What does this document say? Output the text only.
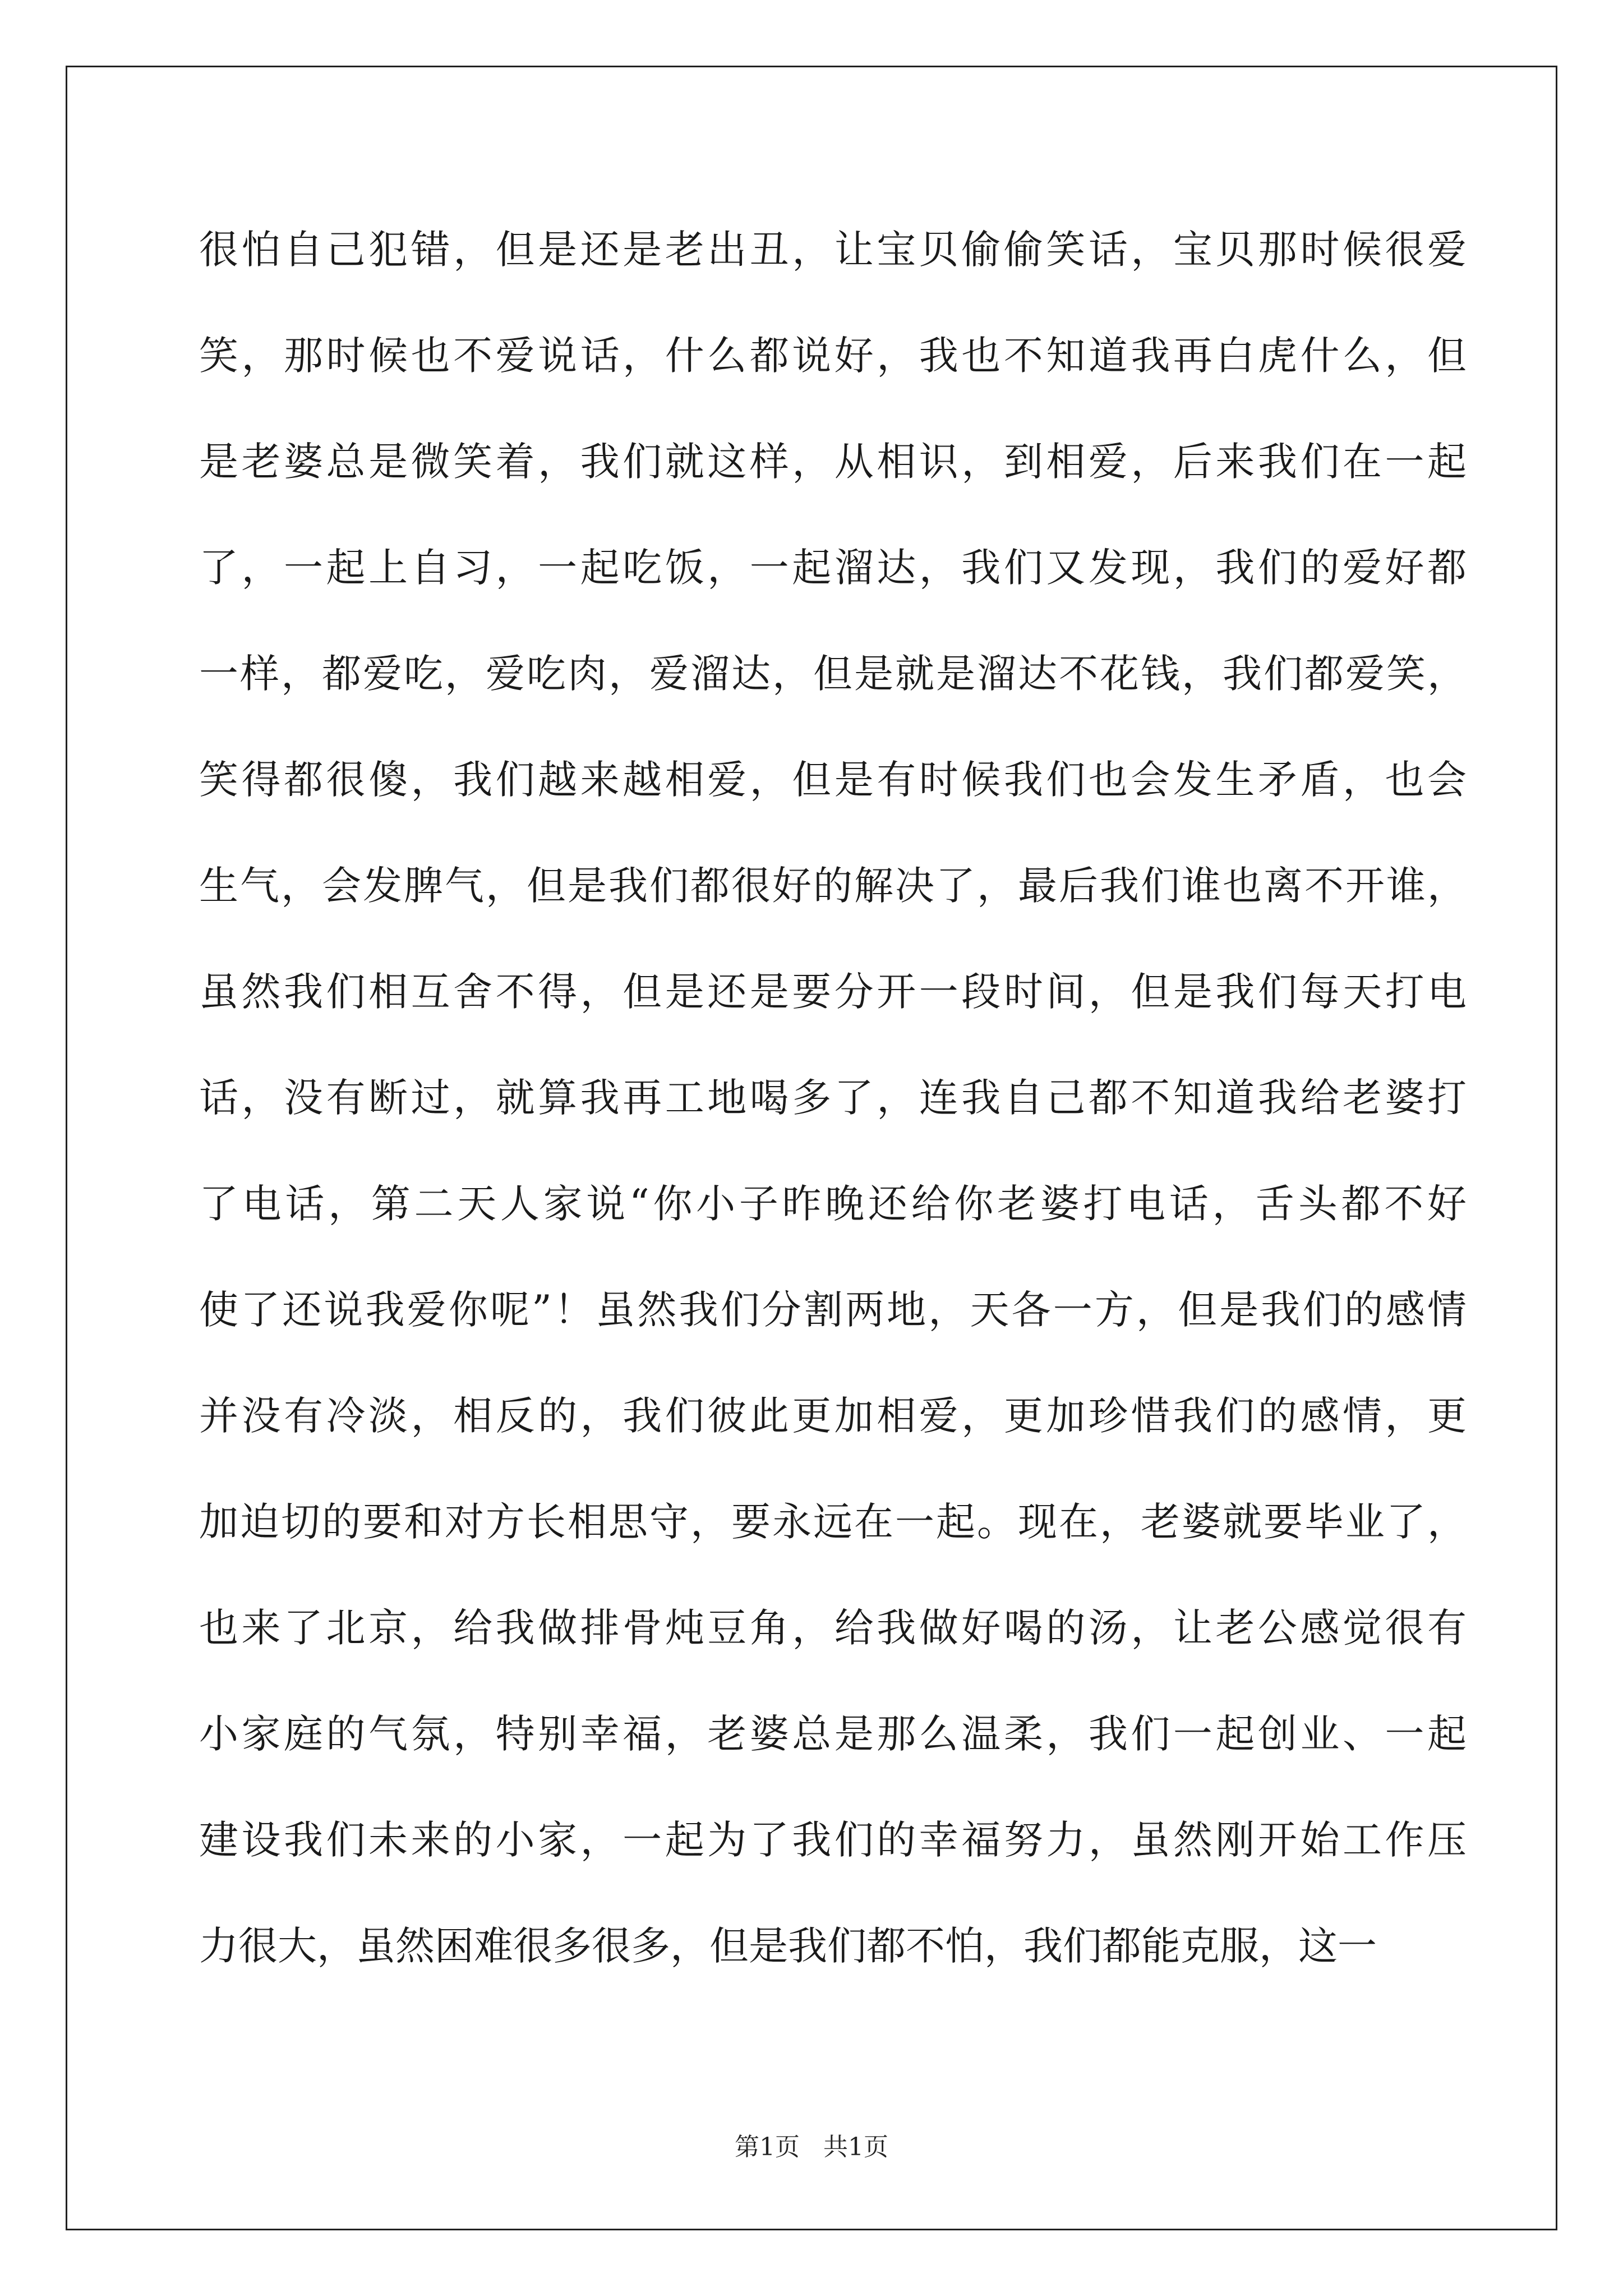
很怕自己犯错，但是还是老出丑，让宝贝偷偷笑话，宝贝那时候很爱
笑，那时候也不爱说话，什么都说好，我也不知道我再白虎什么，但
是老婆总是微笑着，我们就这样，从相识，到相爱，后来我们在一起
了，一起上自习，一起吃饭，一起溜达，我们又发现，我们的爱好都
一样，都爱吃，爱吃肉，爱溜达，但是就是溜达不花钱，我们都爱笑，
笑得都很傻，我们越来越相爱，但是有时候我们也会发生矛盾，也会
生气，会发脾气，但是我们都很好的解决了，最后我们谁也离不开谁，
虽然我们相互舍不得，但是还是要分开一段时间，但是我们每天打电
话，没有断过，就算我再工地喝多了，连我自己都不知道我给老婆打
了电话，第二天人家说“你小子昨晚还给你老婆打电话，舌头都不好
使了还说我爱你呢”！虽然我们分割两地，天各一方，但是我们的感情
并没有冷淡，相反的，我们彼此更加相爱，更加珍惜我们的感情，更
加迫切的要和对方长相思守，要永远在一起。现在，老婆就要毕业了，
也来了北京，给我做排骨炖豆角，给我做好喝的汤，让老公感觉很有
小家庭的气氛，特别幸福，老婆总是那么温柔，我们一起创业、一起
建设我们未来的小家，一起为了我们的幸福努力，虽然刚开始工作压
力很大，虽然困难很多很多，但是我们都不怕，我们都能克服，这一
第1页   共1页
